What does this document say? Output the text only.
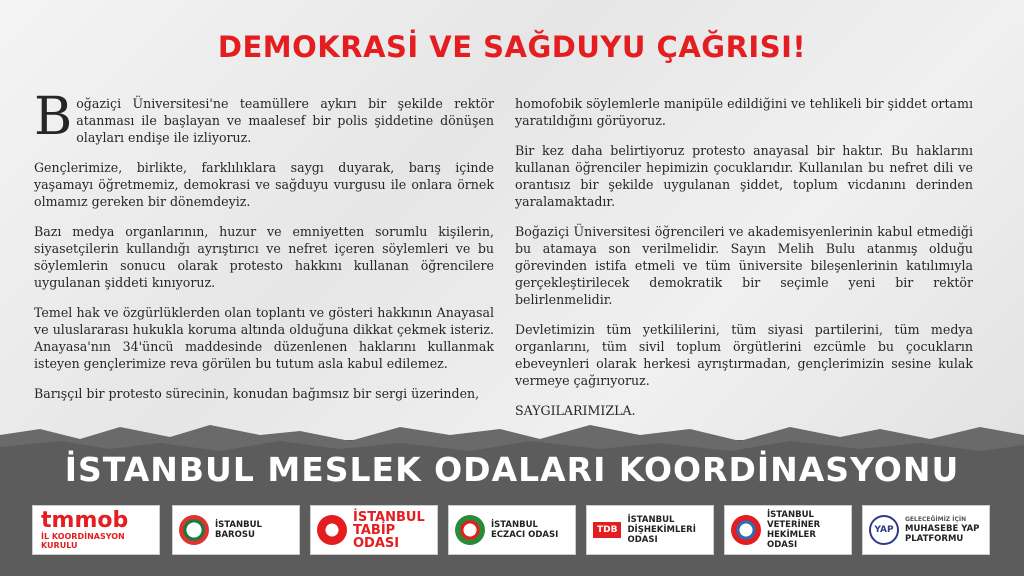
DEMOKRASİ VE SAĞDUYU ÇAĞRISI!

Boğaziçi Üniversitesi'ne teamüllere aykırı bir şekilde rektör atanması ile başlayan ve maalesef bir polis şiddetine dönüşen olayları endişe ile izliyoruz.

Gençlerimize, birlikte, farklılıklara saygı duyarak, barış içinde yaşamayı öğretmemiz, demokrasi ve sağduyu vurgusu ile onlara örnek olmamız gereken bir dönemdeyiz.

Bazı medya organlarının, huzur ve emniyetten sorumlu kişilerin, siyasetçilerin kullandığı ayrıştırıcı ve nefret içeren söylemleri ve bu söylemlerin sonucu olarak protesto hakkını kullanan öğrencilere uygulanan şiddeti kınıyoruz.

Temel hak ve özgürlüklerden olan toplantı ve gösteri hakkının Anayasal ve uluslararası hukukla koruma altında olduğuna dikkat çekmek isteriz. Anayasa'nın 34'üncü maddesinde düzenlenen haklarını kullanmak isteyen gençlerimize reva görülen bu tutum asla kabul edilemez.

Barışçıl bir protesto sürecinin, konudan bağımsız bir sergi üzerinden,

homofobik söylemlerle manipüle edildiğini ve tehlikeli bir şiddet ortamı yaratıldığını görüyoruz.

Bir kez daha belirtiyoruz protesto anayasal bir haktır. Bu haklarını kullanan öğrenciler hepimizin çocuklarıdır. Kullanılan bu nefret dili ve orantısız bir şekilde uygulanan şiddet, toplum vicdanını derinden yaralamaktadır.

Boğaziçi Üniversitesi öğrencileri ve akademisyenlerinin kabul etmediği bu atamaya son verilmelidir. Sayın Melih Bulu atanmış olduğu görevinden istifa etmeli ve tüm üniversite bileşenlerinin katılımıyla gerçekleştirilecek demokratik bir seçimle yeni bir rektör belirlenmelidir.

Devletimizin tüm yetkililerini, tüm siyasi partilerini, tüm medya organlarını, tüm sivil toplum örgütlerini ezcümle bu çocukların ebeveynleri olarak herkesi ayrıştırmadan, gençlerimizin sesine kulak vermeye çağırıyoruz.

SAYGILARIMIZLA.

İSTANBUL MESLEK ODALARI KOORDİNASYONU
tmmob
İL KOORDİNASYON KURULU
İSTANBUL BAROSU
İSTANBUL
TABİP ODASI
İSTANBUL ECZACI ODASI	TDB
İSTANBUL DİŞHEKİMLERİ ODASI
İSTANBUL VETERİNER HEKİMLER ODASI
YAP
GELECEĞİMİZ İÇİN
MUHASEBE YAP PLATFORMU
